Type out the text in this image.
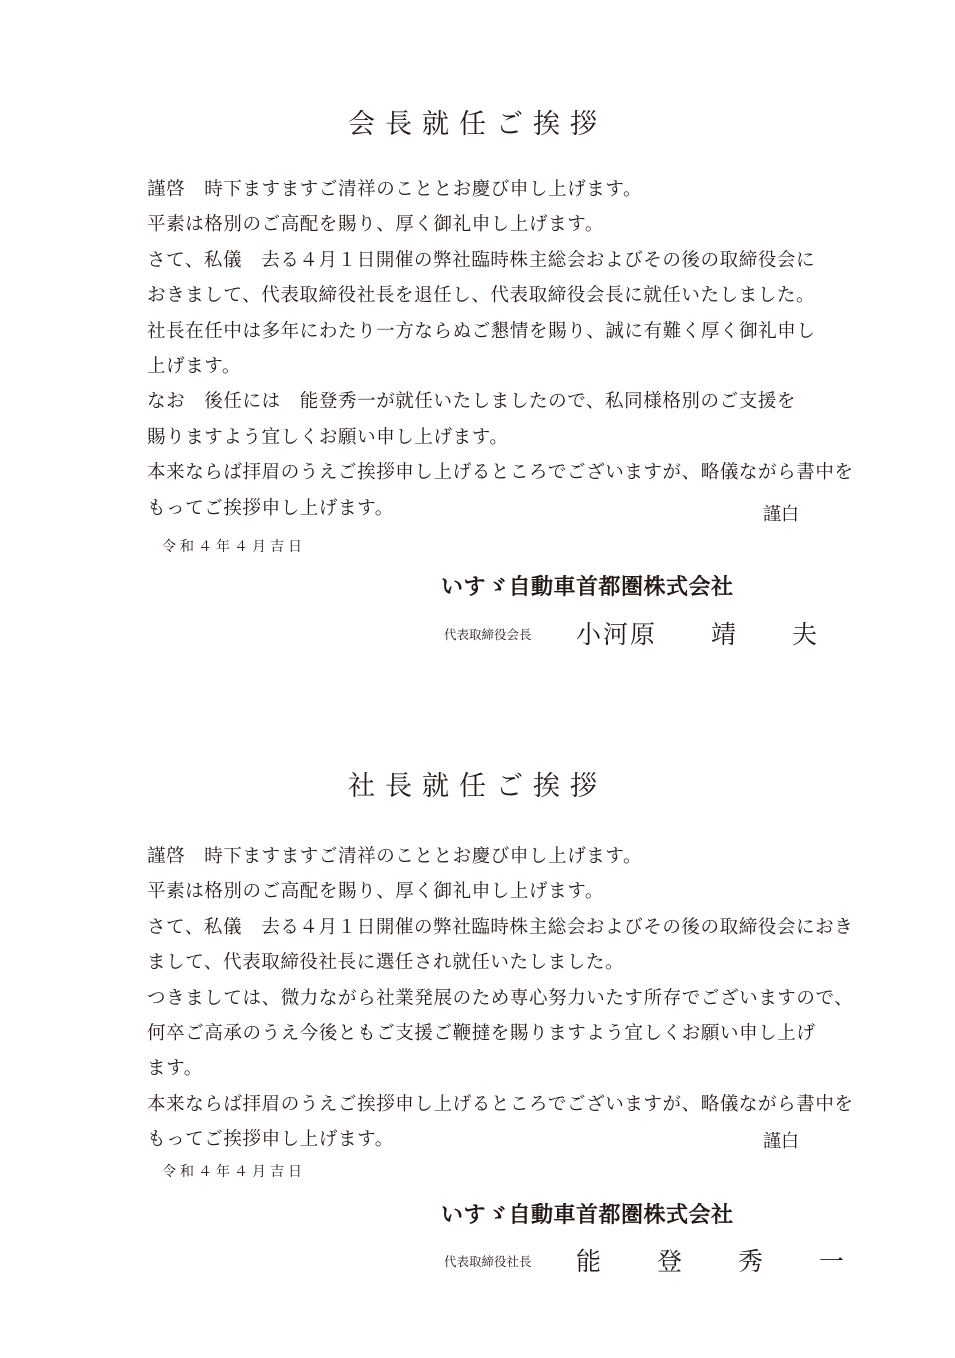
会長就任ご挨拶
謹啓　時下ますますご清祥のこととお慶び申し上げます。
平素は格別のご高配を賜り、厚く御礼申し上げます。
さて、私儀　去る４月１日開催の弊社臨時株主総会およびその後の取締役会に
おきまして、代表取締役社長を退任し、代表取締役会長に就任いたしました。
社長在任中は多年にわたり一方ならぬご懇情を賜り、誠に有難く厚く御礼申し
上げます。
なお　後任には　能登秀一が就任いたしましたので、私同様格別のご支援を
賜りますよう宜しくお願い申し上げます。
本来ならば拝眉のうえご挨拶申し上げるところでございますが、略儀ながら書中を
もってご挨拶申し上げます。	謹白
令和４年４月吉日
いすゞ自動車首都圏株式会社
代表取締役会長 小河原　　靖　　夫
社長就任ご挨拶
謹啓　時下ますますご清祥のこととお慶び申し上げます。
平素は格別のご高配を賜り、厚く御礼申し上げます。
さて、私儀　去る４月１日開催の弊社臨時株主総会およびその後の取締役会におき
まして、代表取締役社長に選任され就任いたしました。
つきましては、微力ながら社業発展のため専心努力いたす所存でございますので、
何卒ご高承のうえ今後ともご支援ご鞭撻を賜りますよう宜しくお願い申し上げ
ます。
本来ならば拝眉のうえご挨拶申し上げるところでございますが、略儀ながら書中を
もってご挨拶申し上げます。	謹白
令和４年４月吉日
いすゞ自動車首都圏株式会社
代表取締役社長 能　　登　　秀　　一
